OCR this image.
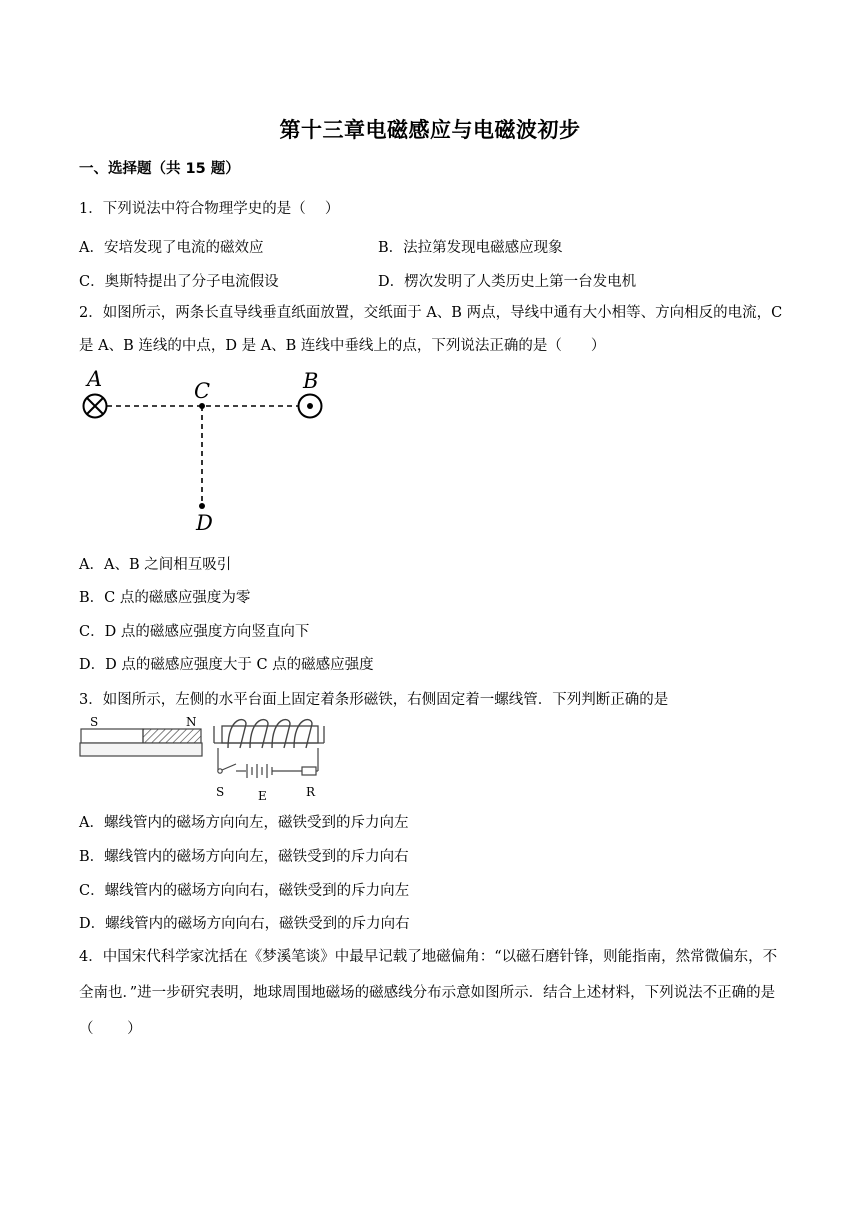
第十三章电磁感应与电磁波初步
一、选择题（共 15 题）
1．下列说法中符合物理学史的是（　 ）
A．安培发现了电流的磁效应	B．法拉第发现电磁感应现象
C．奥斯特提出了分子电流假设	D．楞次发明了人类历史上第一台发电机
2．如图所示，两条长直导线垂直纸面放置，交纸面于 A、B 两点，导线中通有大小相等、方向相反的电流，C 是 A、B 连线的中点，D 是 A、B 连线中垂线上的点，下列说法正确的是（　　）
A	C	B
D
A．A、B 之间相互吸引
B．C 点的磁感应强度为零
C．D 点的磁感应强度方向竖直向下
D．D 点的磁感应强度大于 C 点的磁感应强度
3．如图所示，左侧的水平台面上固定着条形磁铁，右侧固定着一螺线管．下列判断正确的是
S	N
S	E	R
A．螺线管内的磁场方向向左，磁铁受到的斥力向左
B．螺线管内的磁场方向向左，磁铁受到的斥力向右
C．螺线管内的磁场方向向右，磁铁受到的斥力向左
D．螺线管内的磁场方向向右，磁铁受到的斥力向右
4．中国宋代科学家沈括在《梦溪笔谈》中最早记载了地磁偏角：“以磁石磨针锋，则能指南，然常微偏东，不全南也．”进一步研究表明，地球周围地磁场的磁感线分布示意如图所示．结合上述材料，下列说法不正确的是（　　 ）
